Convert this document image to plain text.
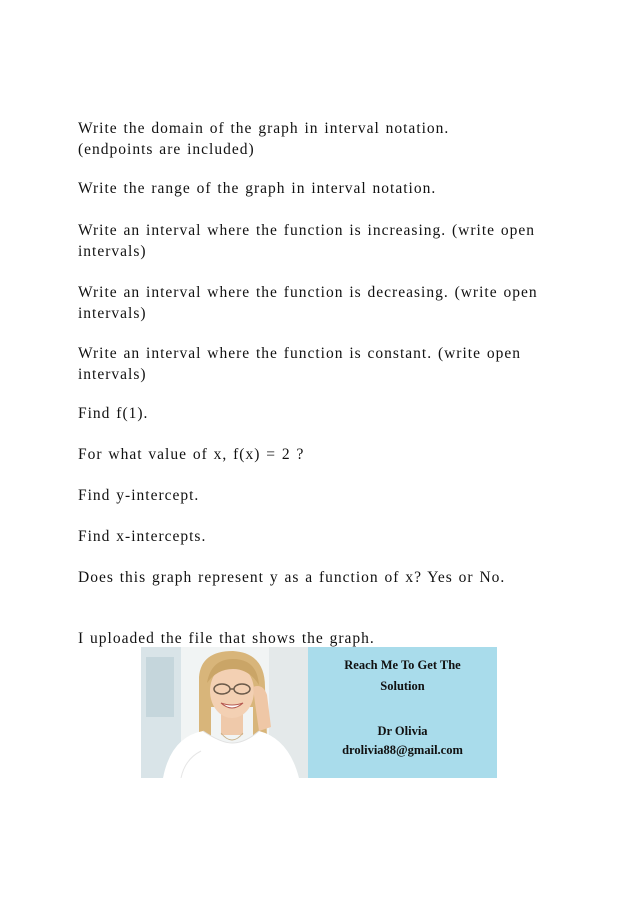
Write the domain of the graph in interval notation.
(endpoints are included)
Write the range of the graph in interval notation.
Write an interval where the function is increasing. (write open
intervals)
Write an interval where the function is decreasing. (write open
intervals)
Write an interval where the function is constant. (write open
intervals)
Find f(1).
For what value of x, f(x) = 2 ?
Find y-intercept.
Find x-intercepts.
Does this graph represent y as a function of x? Yes or No.
I uploaded the file that shows the graph.
Reach Me To Get The
Solution
Dr Olivia
drolivia88@gmail.com
